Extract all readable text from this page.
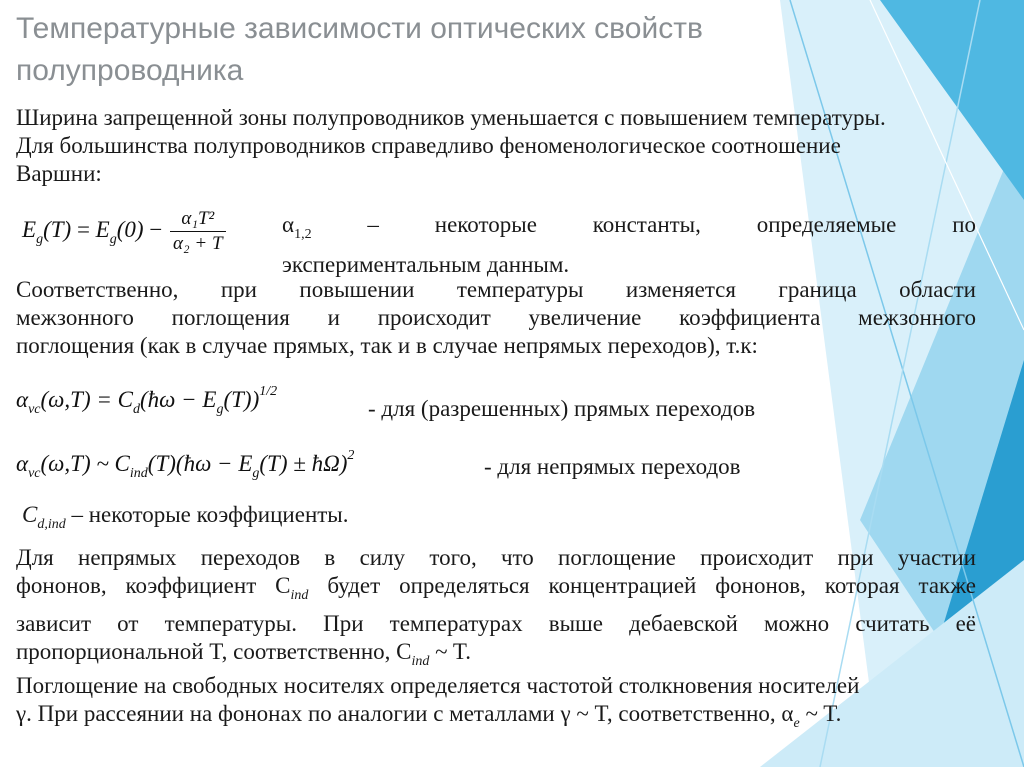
Температурные зависимости оптических свойств
полупроводника

Ширина запрещенной зоны полупроводников уменьшается с повышением температуры.
Для большинства полупроводников справедливо феноменологическое соотношение
Варшни:

$E_g(T) = E_g(0) - \frac{\text{α₁T²}}{\text{α₂ + T}} \alpha_{1,2}$ – некоторые константы, определяемые по
экспериментальным данным.

Соответственно, при повышении температуры изменяется граница области
межзонного поглощения и происходит увеличение коэффициента межзонного
поглощения (как в случае прямых, так и в случае непрямых переходов), т.к:

$\alpha_{vc}(\omega,T)$ = $C_d(ħ\omega - E_g(T))^{1/2}$
- для (разрешенных) прямых переходов
$\alpha_{vc}(\omega,T)$ ~ $C_{ind}(T)(ħ\omega - E_g(T)$ ± ħΩ)$^2$	- для непрямых переходов
$C_{d,ind}$ – некоторые коэффициенты.

Для непрямых переходов в силу того, что поглощение происходит при участии
фононов, коэффициент $C_{ind}$ будет определяться концентрацией фононов, которая также
зависит от температуры. При температурах выше дебаевской можно считать её
пропорциональной T, соответственно, $C_{ind}$ ~ T.

Поглощение на свободных носителях определяется частотой столкновения носителей
γ. При рассеянии на фононах по аналогии с металлами γ ~ T, соответственно, $\alpha_e$ ~ T.
